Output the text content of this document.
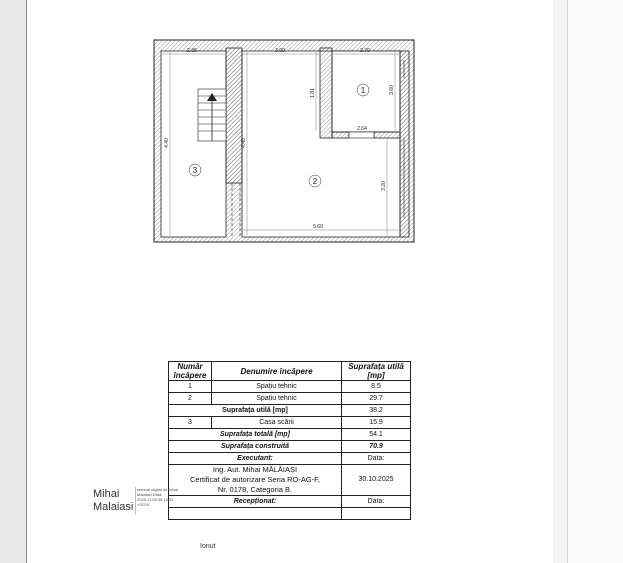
2.35	3.00	2.70
4.40	4.40
1.81	3.60
3.20
5.60
2.64
1
2
3
Număr încăpere	Denumire încăpere	Suprafața utilă [mp]
1	Spațiu tehnic	8.5
2	Spațiu tehnic	29.7
Suprafața utilă [mp]		38.2
3	Casa scării	15.9
Suprafața totală [mp]		54.1
Suprafața construită		70.9
Executant:		Data:

Ing. Aut. Mihai MĂLĂIAȘI
Certificat de autorizare Seria RO-AG-F,
Nr. 0178, Categoria B.		30.10.2025
Recepționat:		Data:

Mihai
Malaiasi
semnat digital de Mihai Malaiasi Data: 2025.11.06 09:15:33 +02'00'
Ionut
